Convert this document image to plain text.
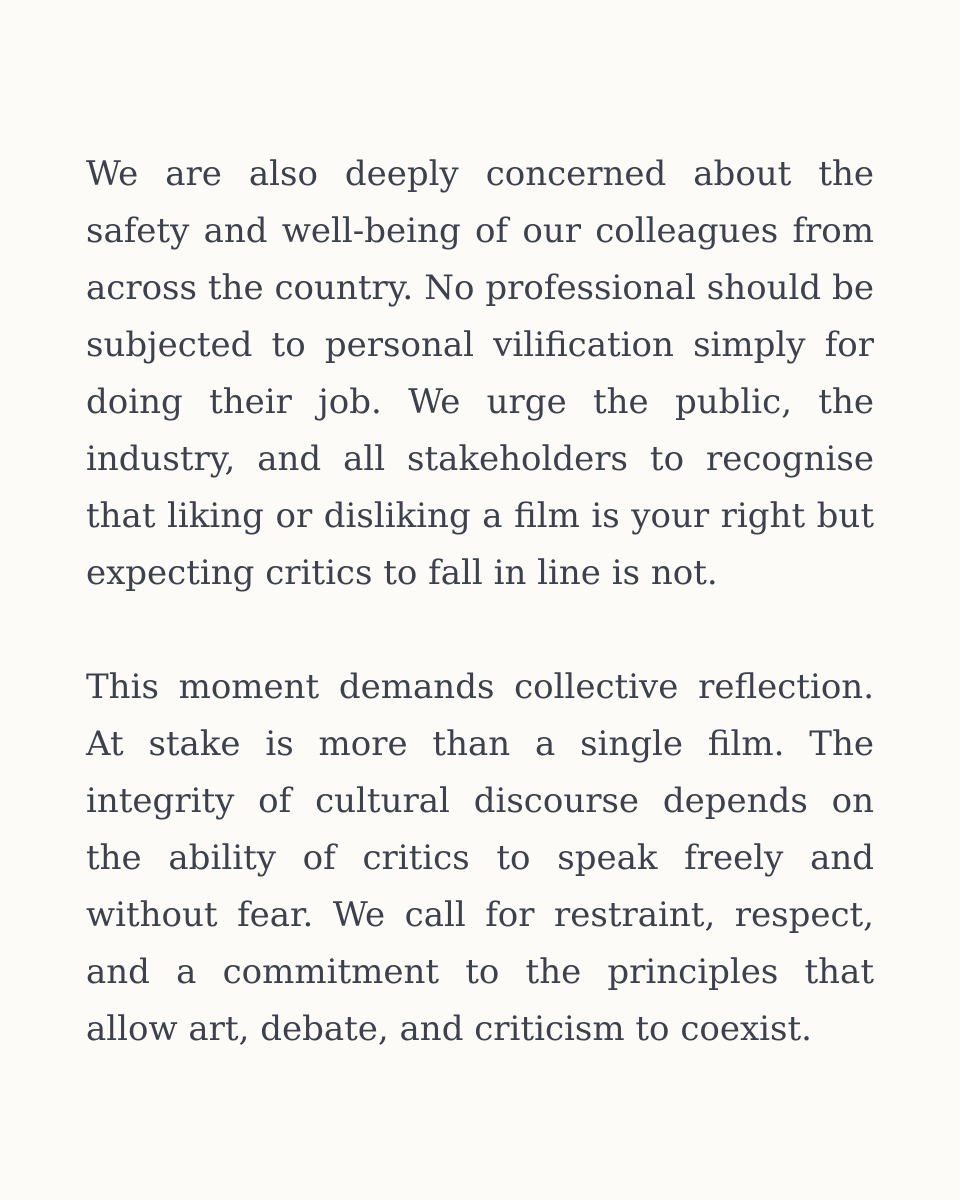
We are also deeply concerned about the safety and well-being of our colleagues from across the country. No professional should be subjected to personal vilification simply for doing their job. We urge the public, the industry, and all stakeholders to recognise that liking or disliking a film is your right but expecting critics to fall in line is not.

This moment demands collective reflection. At stake is more than a single film. The integrity of cultural discourse depends on the ability of critics to speak freely and without fear. We call for restraint, respect, and a commitment to the principles that allow art, debate, and criticism to coexist.
